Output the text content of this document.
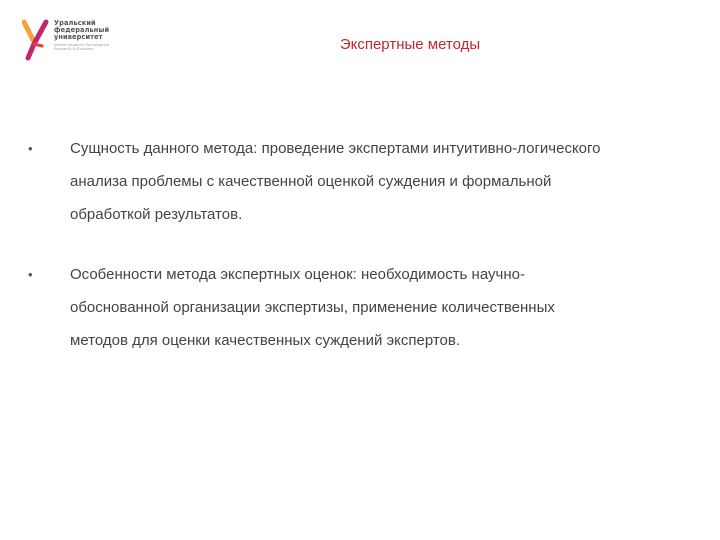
Уральский
федеральный
университет
имени первого Президента
России Б.Н.Ельцина	Экспертные методы
•	Сущность данного метода: проведение экспертами интуитивно-логического
анализа проблемы с качественной оценкой суждения и формальной
обработкой результатов.
•	Особенности метода экспертных оценок: необходимость научно-
обоснованной организации экспертизы, применение количественных
методов для оценки качественных суждений экспертов.
